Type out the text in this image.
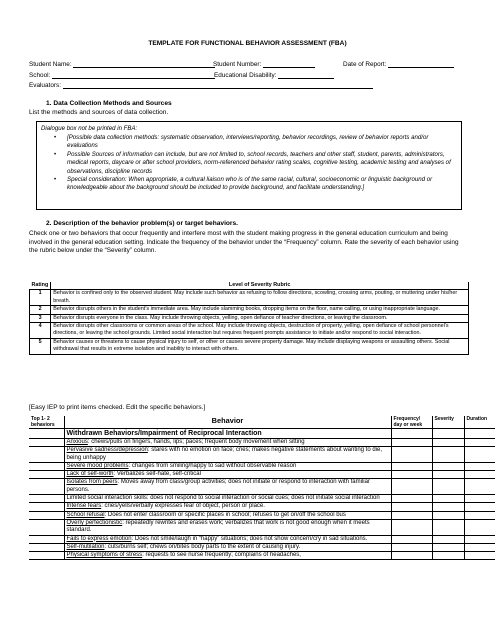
TEMPLATE FOR FUNCTIONAL BEHAVIOR ASSESSMENT (FBA)
Student Name:	Student Number:	Date of Report:
School:	Educational Disability:
Evaluators:
1. Data Collection Methods and Sources
List the methods and sources of data collection.
Dialogue box not be printed in FBA:
• [Possible data collection methods: systematic observation, interviews/reporting, behavior recordings, review of behavior reports and/or evaluations
• Possible Sources of information can include, but are not limited to, school records, teachers and other staff, student, parents, administrators, medical reports, daycare or after school providers, norm-referenced behavior rating scales, cognitive testing, academic testing and analyses of observations, discipline records
• Special consideration: When appropriate, a cultural liaison who is of the same racial, cultural, socioeconomic or linguistic background or knowledgeable about the background should be included to provide background, and facilitate understanding.]
2. Description of the behavior problem(s) or target behaviors.
Check one or two behaviors that occur frequently and interfere most with the student making progress in the general education curriculum and being involved in the general education setting. Indicate the frequency of the behavior under the “Frequency” column. Rate the severity of each behavior using the rubric below under the “Severity” column.
Rating	Level of Severity Rubric
1	Behavior is confined only to the observed student. May include such behavior as refusing to follow directions, scowling, crossing arms, pouting, or muttering under his/her breath.
2	Behavior disrupts others in the student’s immediate area. May include slamming books, dropping items on the floor, name calling, or using inappropriate language.
3	Behavior disrupts everyone in the class. May include throwing objects, yelling, open defiance of teacher directions, or leaving the classroom.
4	Behavior disrupts other classrooms or common areas of the school. May include throwing objects, destruction of property, yelling, open defiance of school personnel’s directions, or leaving the school grounds. Limited social interaction but requires frequent prompts assistance to initiate and/or respond to social interaction.
5	Behavior causes or threatens to cause physical injury to self, or other or causes severe property damage. May include displaying weapons or assaulting others. Social withdrawal that results in extreme isolation and inability to interact with others.
[Easy IEP to print items checked. Edit the specific behaviors.]
Top 1- 2 behaviors	Behavior	Frequency/ day or week	Severity	Duration
	Withdrawn Behaviors/Impairment of Reciprocal Interaction			
	Anxious: chews/pulls on fingers, hands, lips; paces; frequent body movement when sitting			
	Pervasive sadness/depression: stares with no emotion on face; cries; makes negative statements about wanting to die, being unhappy			
	Severe mood problems: changes from smiling/happy to sad without observable reason			
	Lack of self-worth: Verbalizes self-hate, self-critical			
	Isolates from peers: Moves away from class/group activities; does not initiate or respond to interaction with familiar persons.			
	Limited social interaction skills: does not respond to social interaction or social cues; does not initiate social interaction			
	Intense fears: cries/yells/verbally expresses fear of object, person or place.			
	School refusal: Does not enter classroom or specific places in school; refuses to get on/off the school bus			
	Overly perfectionistic: repeatedly rewrites and erases work; verbalizes that work is not good enough when it meets standard.			
	Fails to express emotion: Does not smile/laugh in “happy” situations; does not show concern/cry in sad situations.			
	Self-mutilation: cuts/burns self; chews on/bites body parts to the extent of causing injury.			
	Physical symptoms of stress: requests to see nurse frequently; complains of headaches,			
